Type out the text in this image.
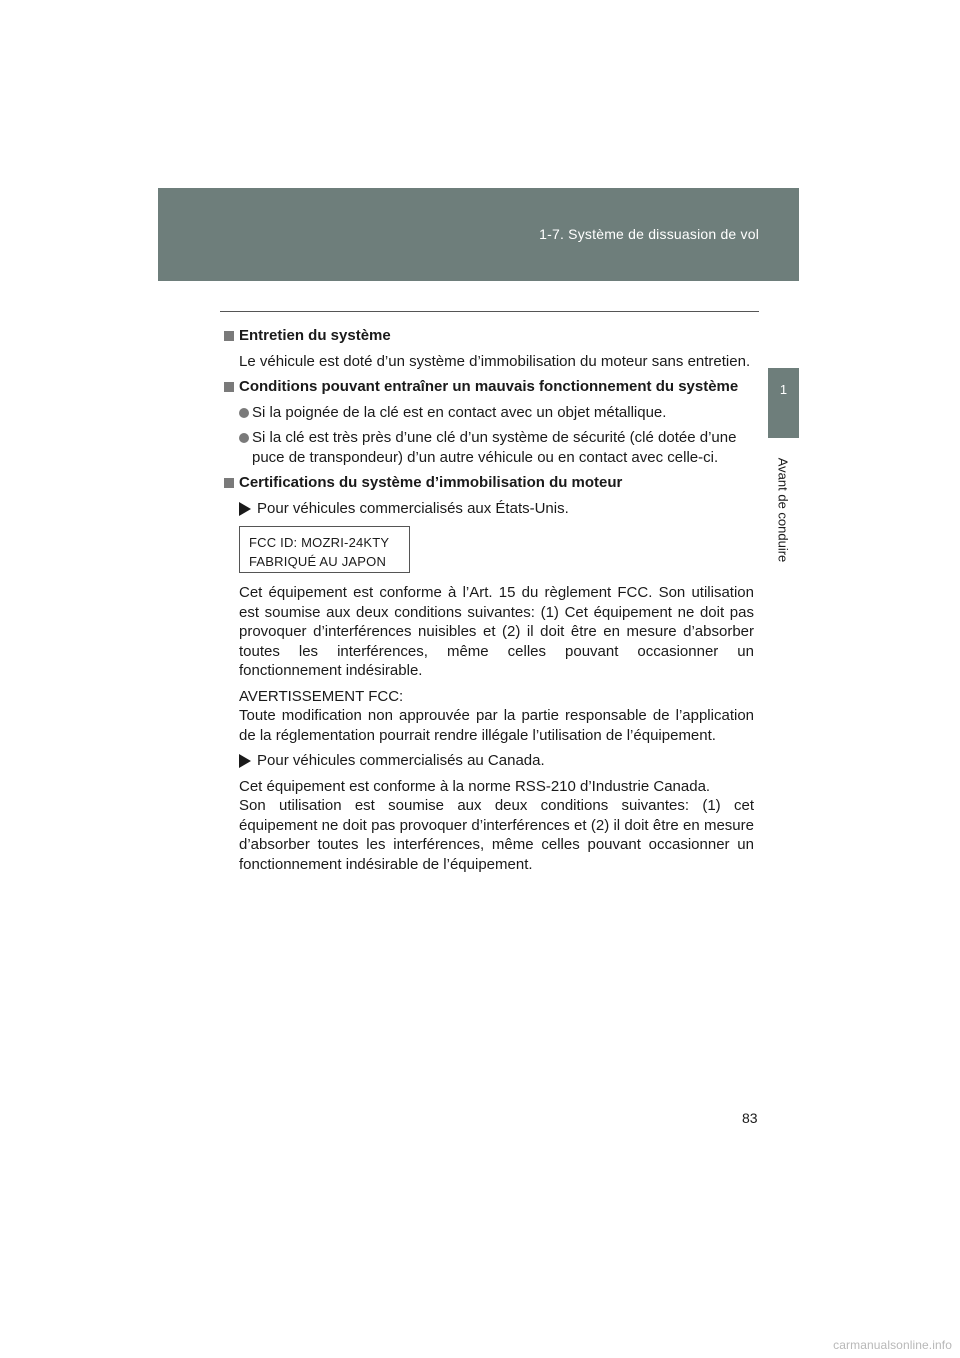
1-7. Système de dissuasion de vol
1
Avant de conduire
Entretien du système

Le véhicule est doté d’un système d’immobilisation du moteur sans entretien.

Conditions pouvant entraîner un mauvais fonctionnement du système
Si la poignée de la clé est en contact avec un objet métallique.
Si la clé est très près d’une clé d’un système de sécurité (clé dotée d’une puce de transpondeur) d’un autre véhicule ou en contact avec celle-ci.
Certifications du système d’immobilisation du moteur
Pour véhicules commercialisés aux États-Unis.
FCC ID: MOZRI-24KTY
FABRIQUÉ AU JAPON

Cet équipement est conforme à l’Art. 15 du règlement FCC. Son utilisation est soumise aux deux conditions suivantes: (1) Cet équipement ne doit pas provoquer d’interférences nuisibles et (2) il doit être en mesure d’absorber toutes les interférences, même celles pouvant occasionner un fonctionnement indésirable.

AVERTISSEMENT FCC:
Toute modification non approuvée par la partie responsable de l’application de la réglementation pourrait rendre illégale l’utilisation de l’équipement.

Pour véhicules commercialisés au Canada.

Cet équipement est conforme à la norme RSS-210 d’Industrie Canada.
Son utilisation est soumise aux deux conditions suivantes: (1) cet équipement ne doit pas provoquer d’interférences et (2) il doit être en mesure d’absorber toutes les interférences, même celles pouvant occasionner un fonctionnement indésirable de l’équipement.

83
carmanualsonline.info
